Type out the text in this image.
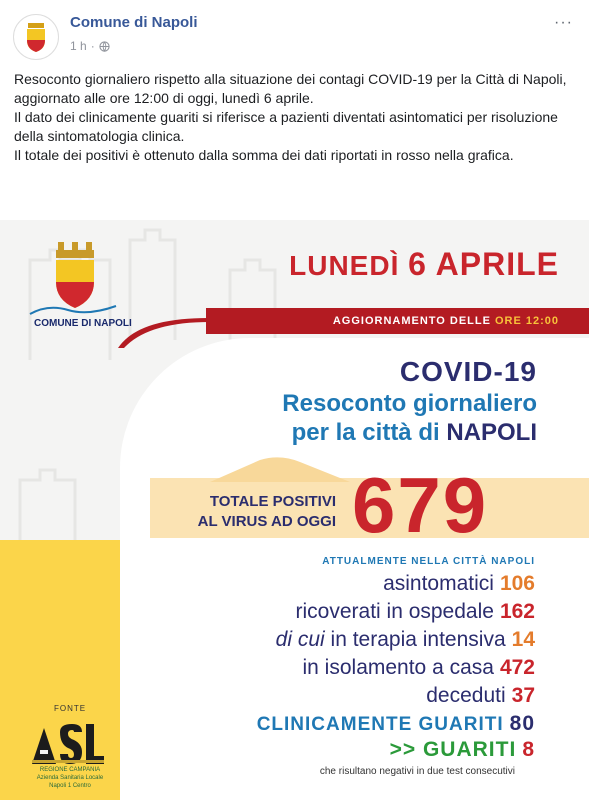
Comune di Napoli
1 h ·
···

Resoconto giornaliero rispetto alla situazione dei contagi COVID-19 per la Città di Napoli, aggiornato alle ore 12:00 di oggi, lunedì 6 aprile.

Il dato dei clinicamente guariti si riferisce a pazienti diventati asintomatici per risoluzione della sintomatologia clinica.

Il totale dei positivi è ottenuto dalla somma dei dati riportati in rosso nella grafica.

AGGIORNAMENTO DELLE ORE 12:00
COMUNE DI NAPOLI
LUNEDÌ 6 APRILE
COVID-19
Resoconto giornaliero
per la città di NAPOLI
TOTALE POSITIVI
AL VIRUS AD OGGI 679
ATTUALMENTE NELLA CITTÀ NAPOLI
asintomatici 106
ricoverati in ospedale 162
di cui in terapia intensiva 14
in isolamento a casa 472
deceduti 37
CLINICAMENTE GUARITI 80
>> GUARITI 8
che risultano negativi in due test consecutivi
FONTE
REGIONE CAMPANIA Azienda Sanitaria Locale Napoli 1 Centro
